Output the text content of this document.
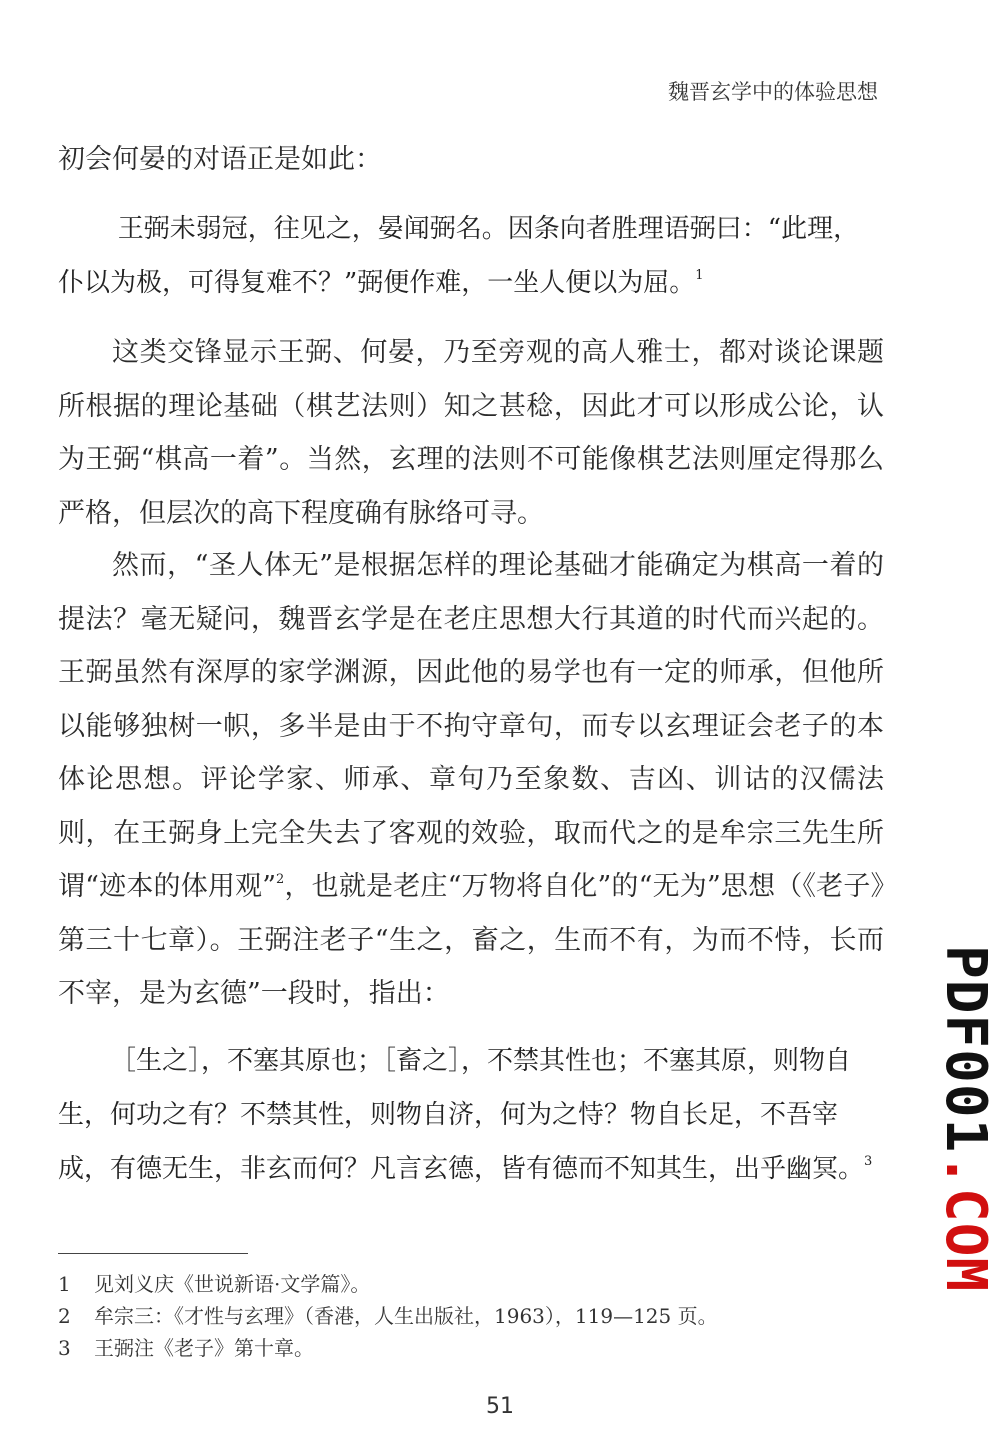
魏晋玄学中的体验思想

初会何晏的对语正是如此：

王弼未弱冠，往见之，晏闻弼名。因条向者胜理语弼曰：“此理，仆以为极，可得复难不？”弼便作难，一坐人便以为屈。$^1$

这类交锋显示王弼、何晏，乃至旁观的高人雅士，都对谈论课题所根据的理论基础（棋艺法则）知之甚稔，因此才可以形成公论，认为王弼“棋高一着”。当然，玄理的法则不可能像棋艺法则厘定得那么严格，但层次的高下程度确有脉络可寻。

然而，“圣人体无”是根据怎样的理论基础才能确定为棋高一着的提法？毫无疑问，魏晋玄学是在老庄思想大行其道的时代而兴起的。王弼虽然有深厚的家学渊源，因此他的易学也有一定的师承，但他所以能够独树一帜，多半是由于不拘守章句，而专以玄理证会老子的本体论思想。评论学家、师承、章句乃至象数、吉凶、训诂的汉儒法则，在王弼身上完全失去了客观的效验，取而代之的是牟宗三先生所谓“迹本的体用观”$^2$，也就是老庄“万物将自化”的“无为”思想（《老子》第三十七章）。王弼注老子“生之，畜之，生而不有，为而不恃，长而不宰，是为玄德”一段时，指出：

［生之］，不塞其原也；［畜之］，不禁其性也；不塞其原，则物自生，何功之有？不禁其性，则物自济，何为之恃？物自长足，不吾宰成，有德无生，非玄而何？凡言玄德，皆有德而不知其生，出乎幽冥。$^3$

1 见刘义庆《世说新语·文学篇》。

2 牟宗三：《才性与玄理》（香港，人生出版社，1963），119—125 页。

3 王弼注《老子》第十章。

51
PDF001.COM
